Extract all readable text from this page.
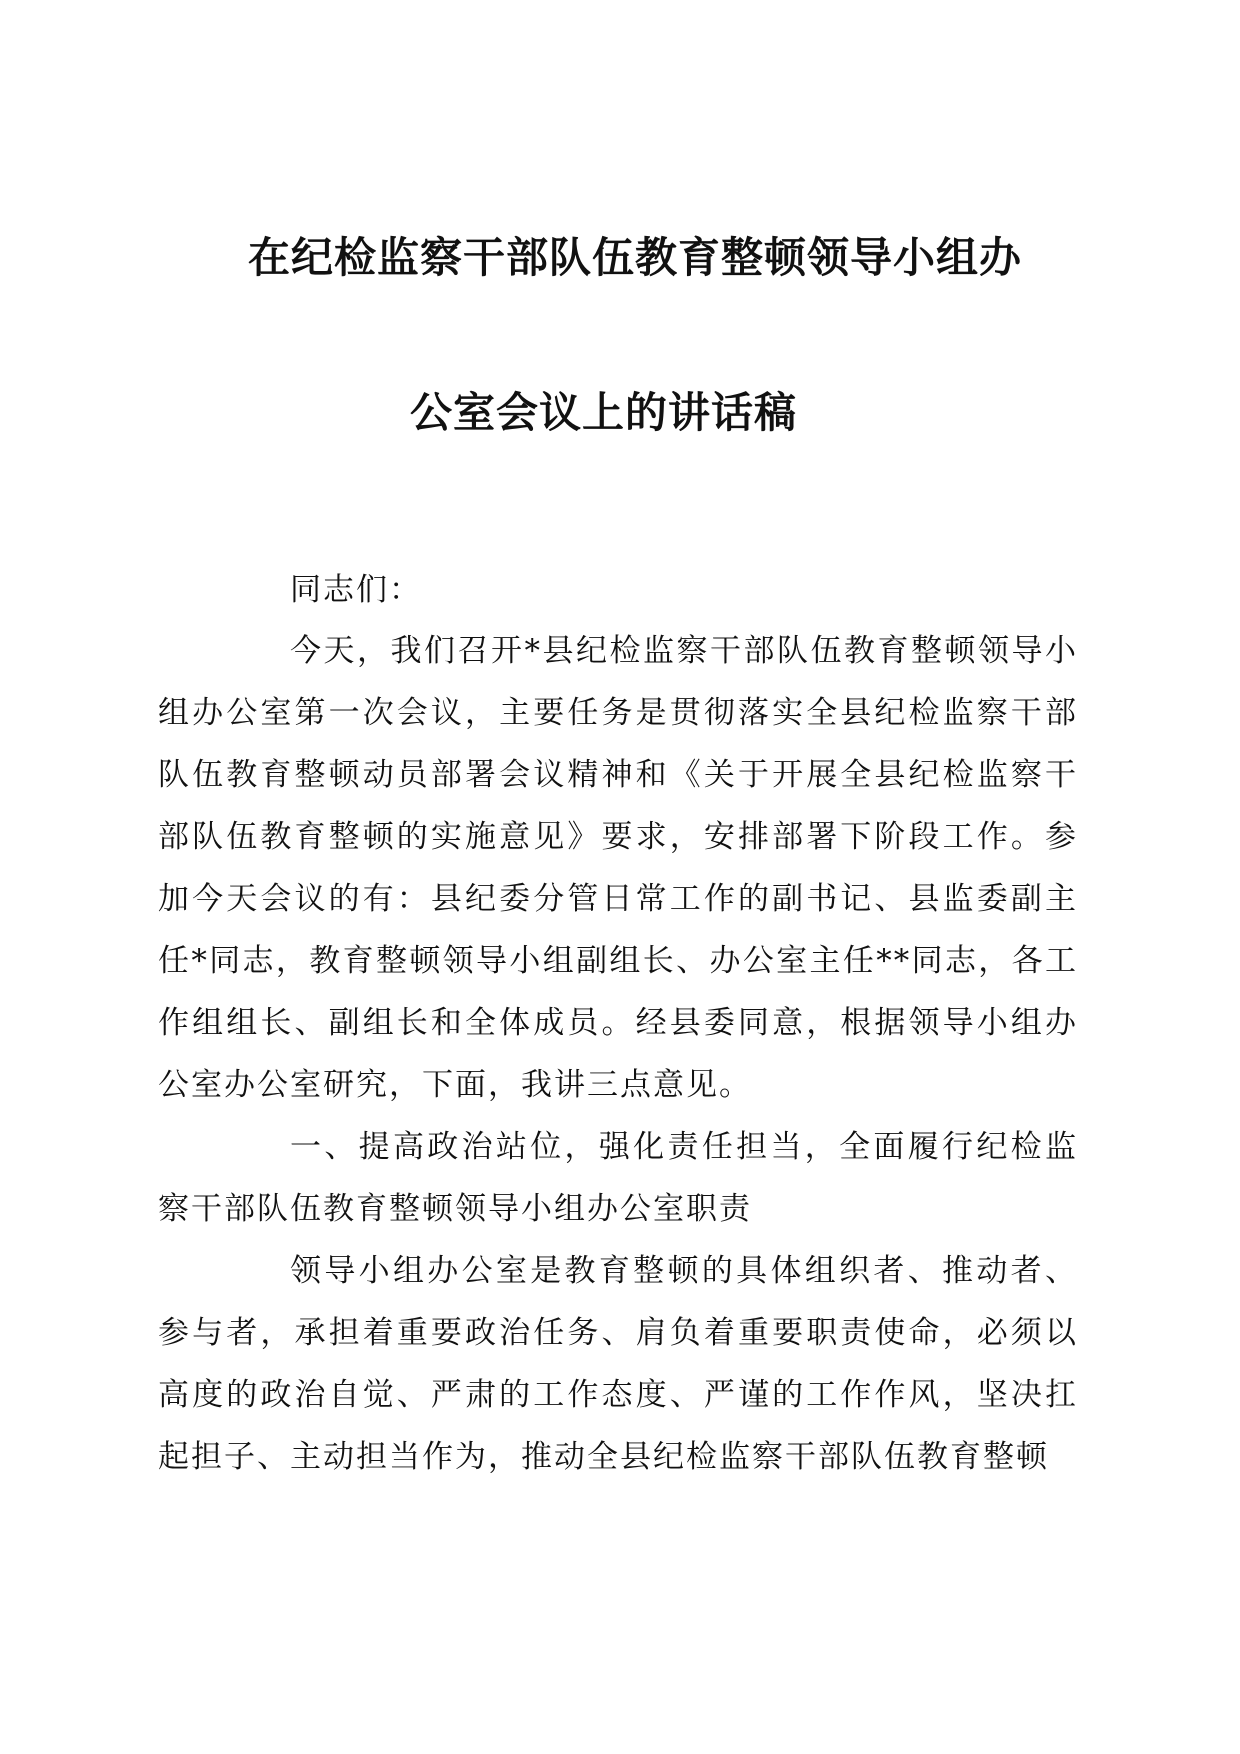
在纪检监察干部队伍教育整顿领导小组办
公室会议上的讲话稿
同志们：

今天，我们召开*县纪检监察干部队伍教育整顿领导小组办公室第一次会议，主要任务是贯彻落实全县纪检监察干部队伍教育整顿动员部署会议精神和《关于开展全县纪检监察干部队伍教育整顿的实施意见》要求，安排部署下阶段工作。参加今天会议的有：县纪委分管日常工作的副书记、县监委副主任*同志，教育整顿领导小组副组长、办公室主任**同志，各工作组组长、副组长和全体成员。经县委同意，根据领导小组办公室办公室研究，下面，我讲三点意见。

一、提高政治站位，强化责任担当，全面履行纪检监察干部队伍教育整顿领导小组办公室职责

领导小组办公室是教育整顿的具体组织者、推动者、参与者，承担着重要政治任务、肩负着重要职责使命，必须以高度的政治自觉、严肃的工作态度、严谨的工作作风，坚决扛起担子、主动担当作为，推动全县纪检监察干部队伍教育整顿
